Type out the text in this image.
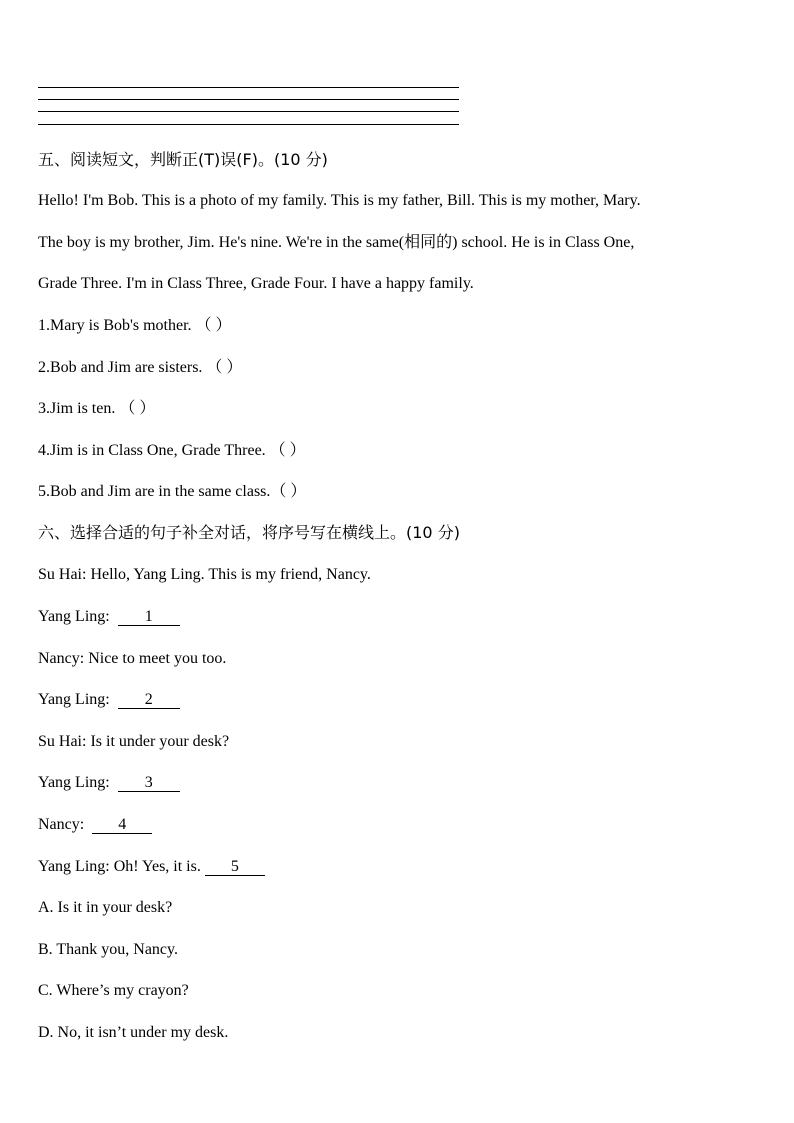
五、阅读短文，判断正(T)误(F)。(10 分)
Hello! I'm Bob. This is a photo of my family. This is my father, Bill. This is my mother, Mary.
The boy is my brother, Jim. He's nine. We're in the same(相同的) school. He is in Class One,
Grade Three. I'm in Class Three, Grade Four. I have a happy family.
1.Mary is Bob's mother. （ ）
2.Bob and Jim are sisters. （ ）
3.Jim is ten. （ ）
4.Jim is in Class One, Grade Three. （ ）
5.Bob and Jim are in the same class.（ ）
六、选择合适的句子补全对话，将序号写在横线上。(10 分)
Su Hai: Hello, Yang Ling. This is my friend, Nancy.
Yang Ling: 1
Nancy: Nice to meet you too.
Yang Ling: 2
Su Hai: Is it under your desk?
Yang Ling: 3
Nancy: 4
Yang Ling: Oh! Yes, it is. 5
A. Is it in your desk?
B. Thank you, Nancy.
C. Where’s my crayon?
D. No, it isn’t under my desk.
